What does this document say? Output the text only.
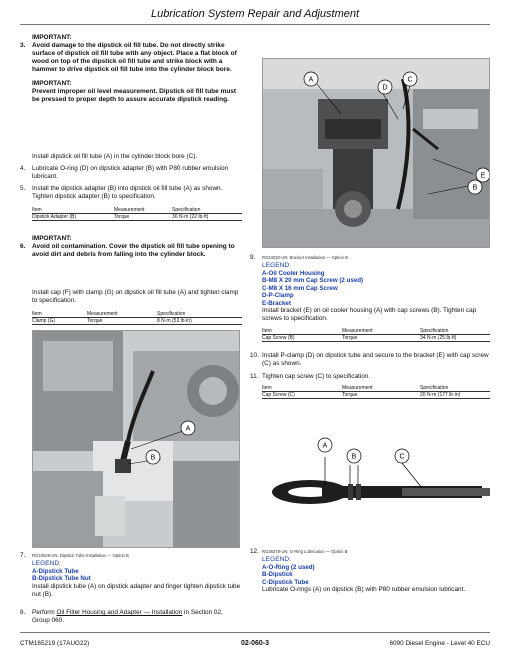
Lubrication System Repair and Adjustment
IMPORTANT:
3.	Avoid damage to the dipstick oil fill tube. Do not directly strike surface of dipstick oil fill tube with any object. Place a flat block of wood on top of the dipstick oil fill tube and strike block with a hammer to drive dipstick oil fill tube into the cylinder block bore.
IMPORTANT:
Prevent improper oil level measurement. Dipstick oil fill tube must be pressed to proper depth to assure accurate dipstick reading.
Install dipstick oil fill tube (A) in the cylinder block bore (C).
4.	Lubricate O-ring (D) on dipstick adapter (B) with P80 rubber emulsion lubricant.
5.	Install the dipstick adapter (B) into dipstick oil fill tube (A) as shown. Tighten dipstick adapter (B) to specification.
Item	Measurement	Specification
Dipstick Adapter (B)	Torque	30 N·m (22 lb·ft)
IMPORTANT:
6.	Avoid oil contamination. Cover the dipstick oil fill tube opening to avoid dirt and debris from falling into the cylinder block.
Install cap (F) with clamp (G) on dipstick oil fill tube (A) and tighten clamp to specification.
Item	Measurement	Specification
Clamp (G)	Torque	8 N·m (53 lb·in)
A
B
7.	RG34028-UN: Dipstick Tube Installation — Option B
LEGEND:
A-Dipstick Tube
B-Dipstick Tube Nut
Install dipstick tube (A) on dipstick adapter and finger tighten dipstick tube nut (B).
8.	Perform Oil Filter Housing and Adapter — Installation in Section 02, Group 060.
A	C
D
E
B
9.	RG34030-UN: Bracket Installation — Option B
LEGEND:
A-Oil Cooler Housing
B-M8 X 20 mm Cap Screw (2 used)
C-M8 X 16 mm Cap Screw
D-P-Clamp
E-Bracket
Install bracket (E) on oil cooler housing (A) with cap screws (B). Tighten cap screws to specification.
Item	Measurement	Specification
Cap Screw (B)	Torque	34 N·m (25 lb·ft)
10. Install P-clamp (D) on dipstick tube and secure to the bracket (E) with cap screw (C) as shown.
11. Tighten cap screw (C) to specification.
Item	Measurement	Specification
Cap Screw (C)	Torque	20 N·m (177 lb·in)
A
B	C
12. RG38279-UN: O-Ring Lubrication — Option B
LEGEND:
A-O-Ring (2 used)
B-Dipstick
C-Dipstick Tube
Lubricate O-rings (A) on dipstick (B) with P80 rubber emulsion lubricant.
CTM165219 (17AUG22)	02-060-3	6090 Diesel Engine - Level 40 ECU
